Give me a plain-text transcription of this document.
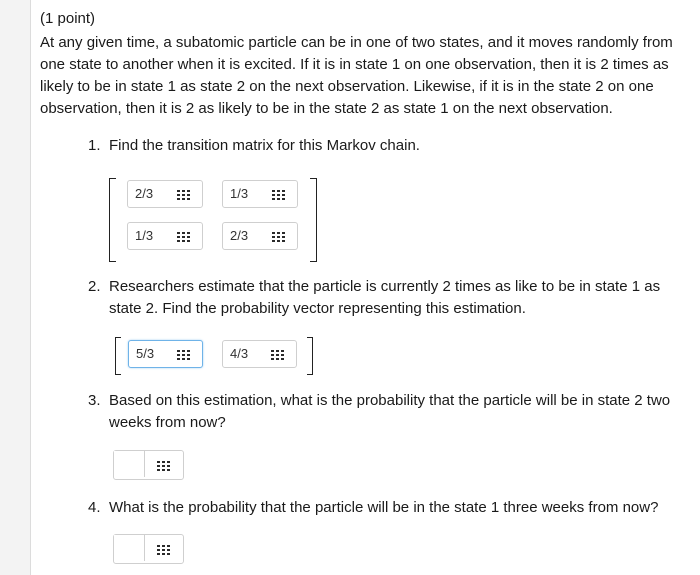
(1 point)
At any given time, a subatomic particle can be in one of two states, and it moves randomly from one state to another when it is excited. If it is in state 1 on one observation, then it is 2 times as likely to be in state 1 as state 2 on the next observation. Likewise, if it is in the state 2 on one observation, then it is 2 as likely to be in the state 2 as state 1 on the next observation.
1. Find the transition matrix for this Markov chain.
2/3	1/3
1/3	2/3
2. Researchers estimate that the particle is currently 2 times as like to be in state 1 as state 2. Find the probability vector representing this estimation.
5/3	4/3
3. Based on this estimation, what is the probability that the particle will be in state 2 two weeks from now?
4. What is the probability that the particle will be in the state 1 three weeks from now?
